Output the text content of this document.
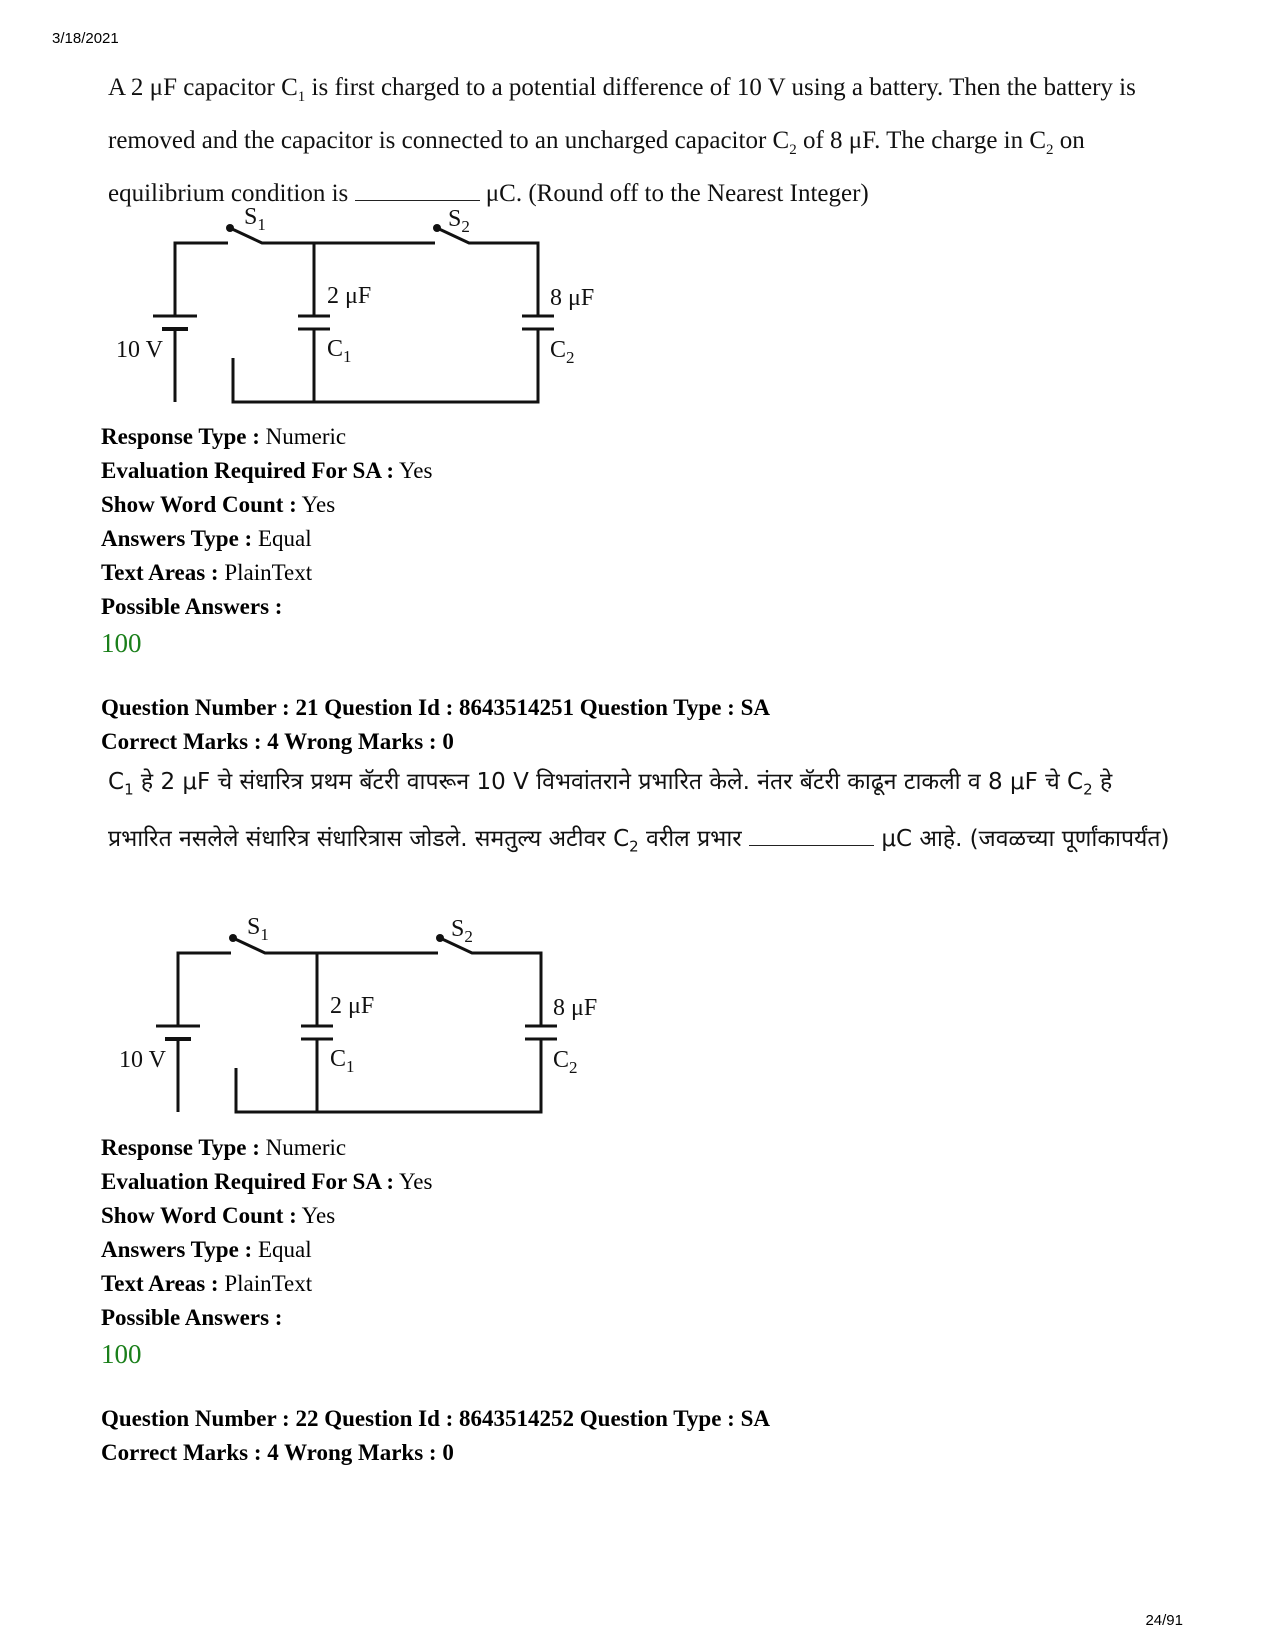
3/18/2021
A 2 μF capacitor $C_1$ is first charged to a potential difference of 10 V using a battery. Then the battery is removed and the capacitor is connected to an uncharged capacitor $C_2$ of 8 μF. The charge in $C_2$ on equilibrium condition is	μC. (Round off to the Nearest Integer)
$S_1$	$S_2$
2 μF
$C_1$
8 μF
$C_2$
10 V
Response Type : Numeric
Evaluation Required For SA : Yes
Show Word Count : Yes
Answers Type : Equal
Text Areas : PlainText
Possible Answers :
100
Question Number : 21 Question Id : 8643514251 Question Type : SA
Correct Marks : 4 Wrong Marks : 0
$C_1$ हे 2 μF चे संधारित्र प्रथम बॅटरी वापरून 10 V विभवांतराने प्रभारित केले. नंतर बॅटरी काढून टाकली व 8 μF चे $C_2$ हे प्रभारित नसलेले संधारित्र संधारित्रास जोडले. समतुल्य अटीवर $C_2$ वरील प्रभार	μC आहे. (जवळच्या पूर्णांकापर्यंत)
$S_1$	$S_2$
2 μF
$C_1$
8 μF
$C_2$
10 V
Response Type : Numeric
Evaluation Required For SA : Yes
Show Word Count : Yes
Answers Type : Equal
Text Areas : PlainText
Possible Answers :
100
Question Number : 22 Question Id : 8643514252 Question Type : SA
Correct Marks : 4 Wrong Marks : 0
24/91
